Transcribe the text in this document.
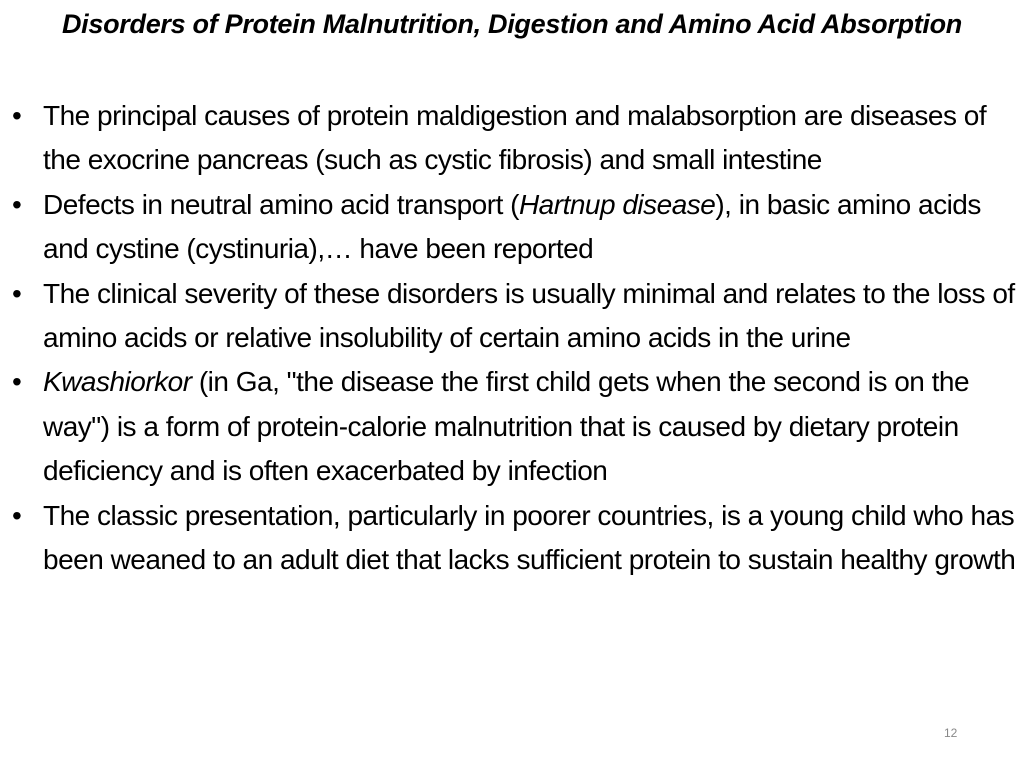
Disorders of Protein Malnutrition, Digestion and Amino Acid Absorption
• The principal causes of protein maldigestion and malabsorption are diseases of the exocrine pancreas (such as cystic fibrosis) and small intestine
• Defects in neutral amino acid transport (Hartnup disease), in basic amino acids and cystine (cystinuria),… have been reported
• The clinical severity of these disorders is usually minimal and relates to the loss of amino acids or relative insolubility of certain amino acids in the urine
• Kwashiorkor (in Ga, "the disease the first child gets when the second is on the way") is a form of protein-calorie malnutrition that is caused by dietary protein deficiency and is often exacerbated by infection
• The classic presentation, particularly in poorer countries, is a young child who has been weaned to an adult diet that lacks sufficient protein to sustain healthy growth
12
